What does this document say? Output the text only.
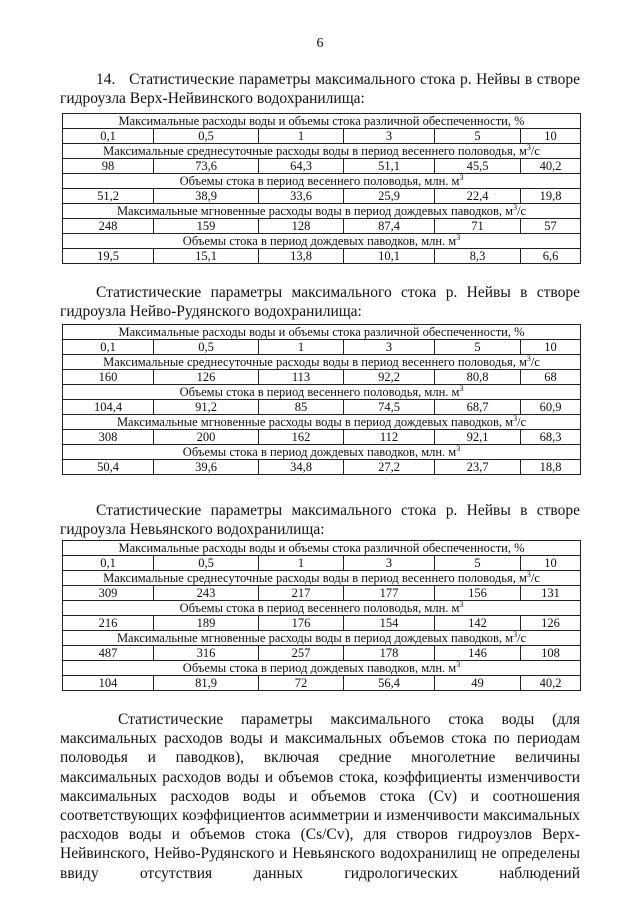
6

14. Статистические параметры максимального стока р. Нейвы в створе гидроузла Верх-Нейвинского водохранилища:

Максимальные расходы воды и объемы стока различной обеспеченности, %					
0,1	0,5	1	3	5	10
Максимальные среднесуточные расходы воды в период весеннего половодья, $м^3/с$					
98	73,6	64,3	51,1	45,5	40,2
Объемы стока в период весеннего половодья, млн. $м^3$
51,2	38,9	33,6	25,9	22,4	19,8
Максимальные мгновенные расходы воды в период дождевых паводков, $м^3/с$					
248	159	128	87,4	71	57
Объемы стока в период дождевых паводков, млн. $м^3$
19,5	15,1	13,8	10,1	8,3	6,6

Статистические параметры максимального стока р. Нейвы в створе гидроузла Нейво-Рудянского водохранилища:

Максимальные расходы воды и объемы стока различной обеспеченности, %					
0,1	0,5	1	3	5	10
Максимальные среднесуточные расходы воды в период весеннего половодья, $м^3/с$					
160	126	113	92,2	80,8	68
Объемы стока в период весеннего половодья, млн. $м^3$
104,4	91,2	85	74,5	68,7	60,9
Максимальные мгновенные расходы воды в период дождевых паводков, $м^3/с$					
308	200	162	112	92,1	68,3
Объемы стока в период дождевых паводков, млн. $м^3$
50,4	39,6	34,8	27,2	23,7	18,8

Статистические параметры максимального стока р. Нейвы в створе гидроузла Невьянского водохранилища:

Максимальные расходы воды и объемы стока различной обеспеченности, %					
0,1	0,5	1	3	5	10
Максимальные среднесуточные расходы воды в период весеннего половодья, $м^3/с$					
309	243	217	177	156	131
Объемы стока в период весеннего половодья, млн. $м^3$
216	189	176	154	142	126
Максимальные мгновенные расходы воды в период дождевых паводков, $м^3/с$					
487	316	257	178	146	108
Объемы стока в период дождевых паводков, млн. $м^3$
104	81,9	72	56,4	49	40,2

Статистические параметры максимального стока воды (для максимальных расходов воды и максимальных объемов стока по периодам половодья и паводков), включая средние многолетние величины максимальных расходов воды и объемов стока, коэффициенты изменчивости максимальных расходов воды и объемов стока (Cv) и соотношения соответствующих коэффициентов асимметрии и изменчивости максимальных расходов воды и объемов стока (Cs/Cv), для створов гидроузлов Верх-Нейвинского, Нейво-Рудянского и Невьянского водохранилищ не определены ввиду отсутствия данных гидрологических наблюдений
